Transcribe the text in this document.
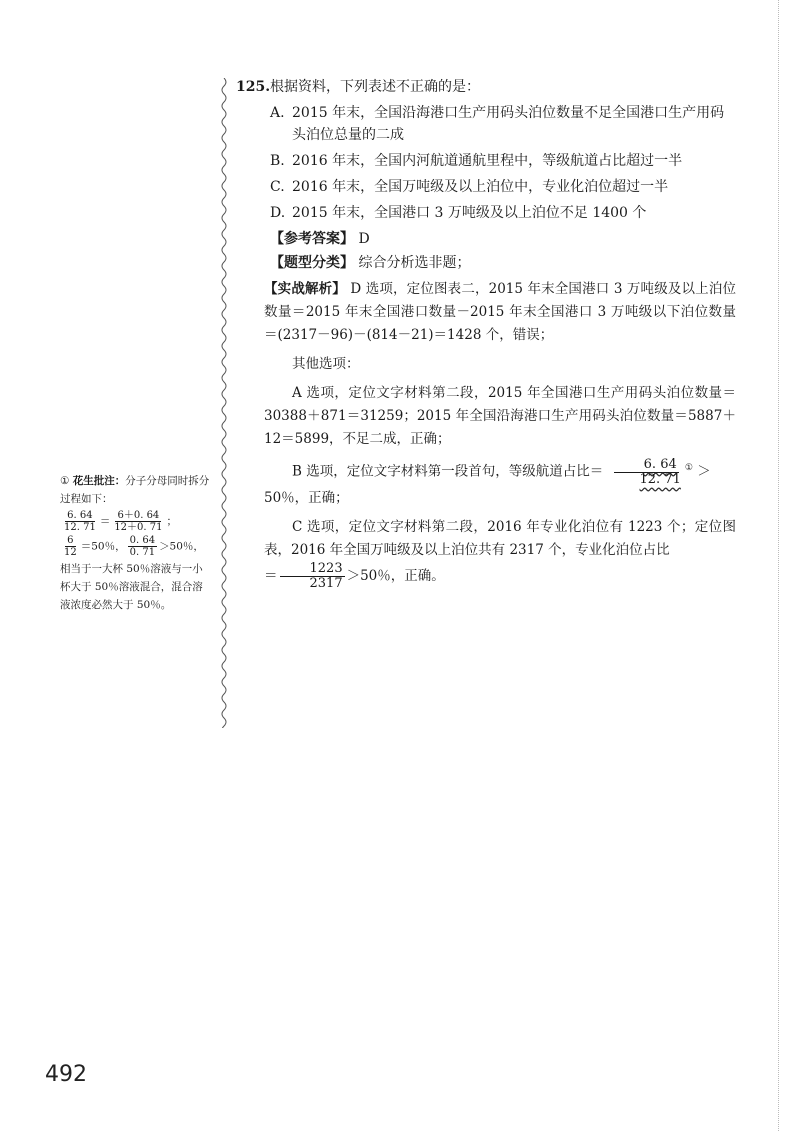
125. 根据资料，下列表述不正确的是：
A. 2015 年末，全国沿海港口生产用码头泊位数量不足全国港口生产用码头泊位总量的二成
B. 2016 年末，全国内河航道通航里程中，等级航道占比超过一半
C. 2016 年末，全国万吨级及以上泊位中，专业化泊位超过一半
D. 2015 年末，全国港口 3 万吨级及以上泊位不足 1400 个
【参考答案】 D
【题型分类】 综合分析选非题；
【实战解析】 D 选项，定位图表二，2015 年末全国港口 3 万吨级及以上泊位数量＝2015 年末全国港口数量－2015 年末全国港口 3 万吨级以下泊位数量＝(2317－96)－(814－21)＝1428 个，错误；
其他选项：
A 选项，定位文字材料第二段，2015 年全国港口生产用码头泊位数量＝30388＋871＝31259；2015 年全国沿海港口生产用码头泊位数量＝5887＋12＝5899，不足二成，正确；
B 选项，定位文字材料第一段首句，等级航道占比＝ $\frac{6. 64}{12. 71} ^①$ ＞
50％，正确；
C 选项，定位文字材料第二段，2016 年专业化泊位有 1223 个；定位图表，2016 年全国万吨级及以上泊位共有 2317 个，专业化泊位占比
＝ $\frac{1223}{2317} >50$％，正确。
① 花生批注：分子分母同时拆分过程如下：
$\frac{6. 64}{12. 71} = \frac{6+0. 64}{12+0. 71}$ ；
$\frac{6}{12} =50$％， $\frac{0. 64}{0. 71} >50$％，
相当于一大杯 50％溶液与一小杯大于 50％溶液混合，混合溶液浓度必然大于 50％。
492
